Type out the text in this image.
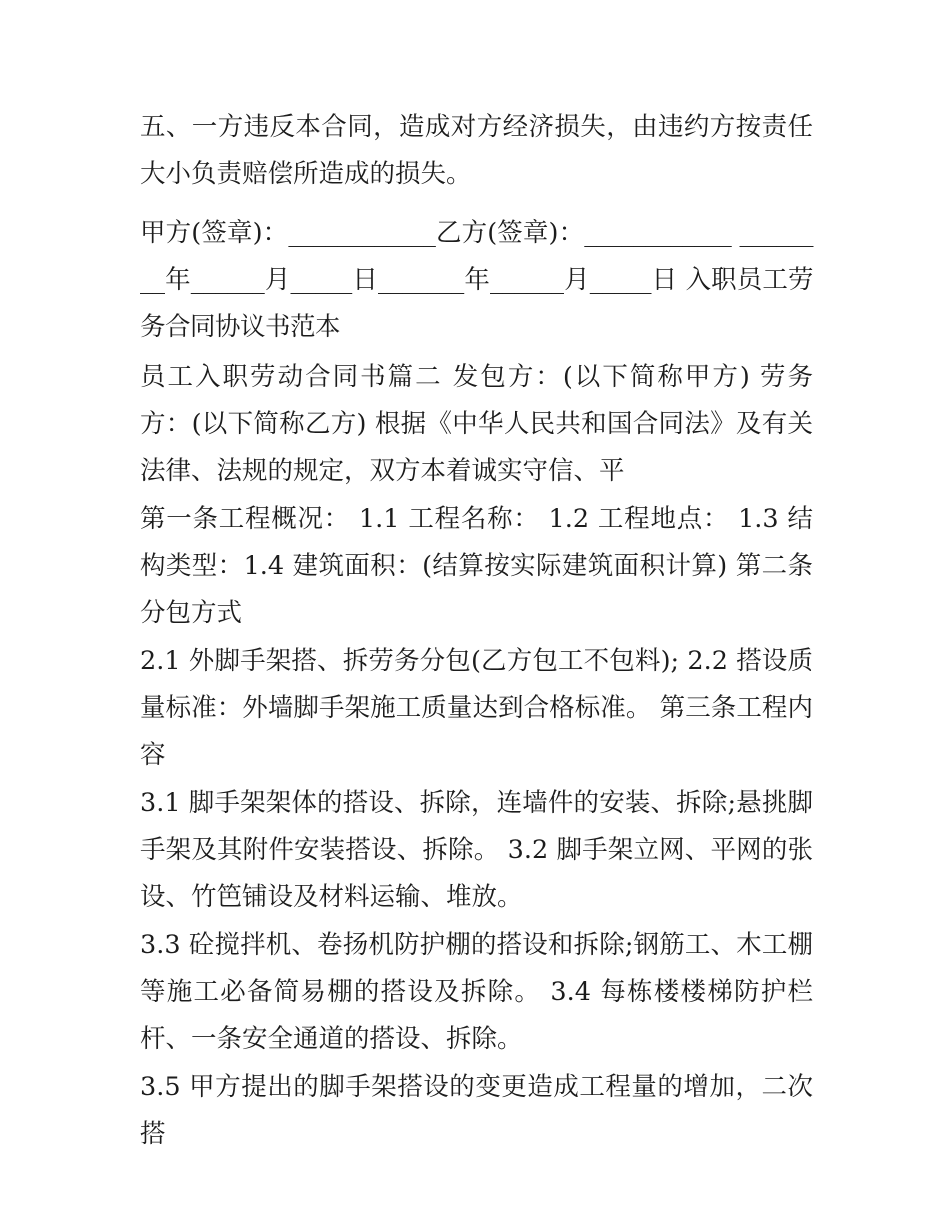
五、一方违反本合同，造成对方经济损失，由违约方按责任大小负责赔偿所造成的损失。

甲方(签章)：____________乙方(签章)：____________ ________年______月_____日_______年______月_____日 入职员工劳务合同协议书范本

员工入职劳动合同书篇二 发包方：(以下简称甲方) 劳务方：(以下简称乙方) 根据《中华人民共和国合同法》及有关法律、法规的规定，双方本着诚实守信、平

第一条工程概况： 1.1 工程名称： 1.2 工程地点： 1.3 结构类型：1.4 建筑面积：(结算按实际建筑面积计算) 第二条分包方式

2.1 外脚手架搭、拆劳务分包(乙方包工不包料); 2.2 搭设质量标准：外墙脚手架施工质量达到合格标准。 第三条工程内容

3.1 脚手架架体的搭设、拆除，连墙件的安装、拆除;悬挑脚手架及其附件安装搭设、拆除。 3.2 脚手架立网、平网的张设、竹笆铺设及材料运输、堆放。

3.3 砼搅拌机、卷扬机防护棚的搭设和拆除;钢筋工、木工棚等施工必备简易棚的搭设及拆除。 3.4 每栋楼楼梯防护栏杆、一条安全通道的搭设、拆除。

3.5 甲方提出的脚手架搭设的变更造成工程量的增加，二次搭
